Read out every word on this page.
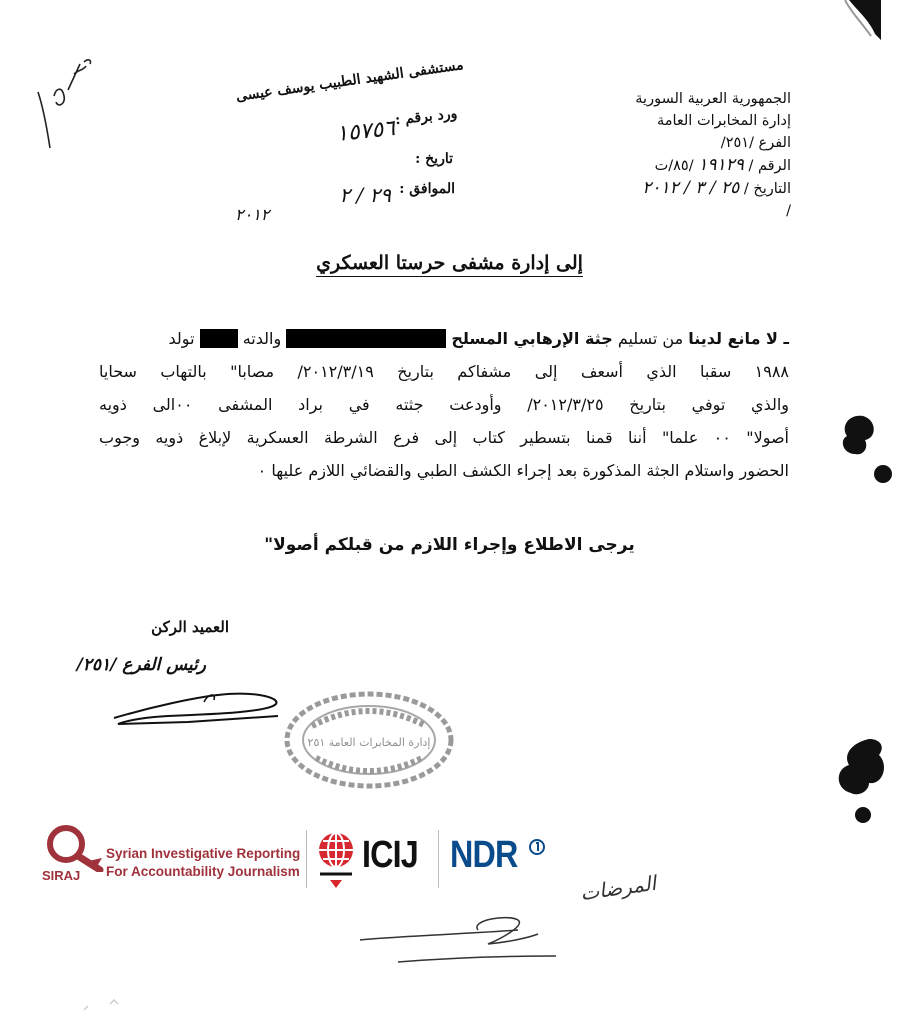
مستشفى الشهيد الطبيب يوسف عيسى
ورد برقم :
١٥٧٥٦
تاريخ :
الموافق :
٢٩ / ٢
٢٠١٢
الجمهورية العربية السورية
إدارة المخابرات العامة
الفرع /٢٥١/
الرقم / ١٩١٢٩ /٨٥/ت
التاريخ / ٢٥ / ٣ / ٢٠١٢
/
إلى إدارة مشفى حرستا العسكري
ـ لا مانع لدينا من تسليم جثة الإرهابي المسلح  والدته  تولد
١٩٨٨ سقبا الذي أسعف إلى مشفاكم بتاريخ ٢٠١٢/٣/١٩/ مصابا" بالتهاب سحايا
والذي توفي بتاريخ ٢٠١٢/٣/٢٥/ وأودعت جثته في براد المشفى ٠٠الى ذويه
أصولا" ٠٠ علما" أننا قمنا بتسطير كتاب إلى فرع الشرطة العسكرية لإبلاغ ذويه وجوب
الحضور واستلام الجثة المذكورة بعد إجراء الكشف الطبي والقضائي اللازم عليها ٠
يرجى الاطلاع وإجراء اللازم من قبلكم أصولا"
العميد الركن
رئيس الفرع /٢٥١/
إدارة المخابرات العامة ٢٥١
SIRAJ
Syrian Investigative Reporting
For Accountability Journalism ICIJ NDR
المرضات
